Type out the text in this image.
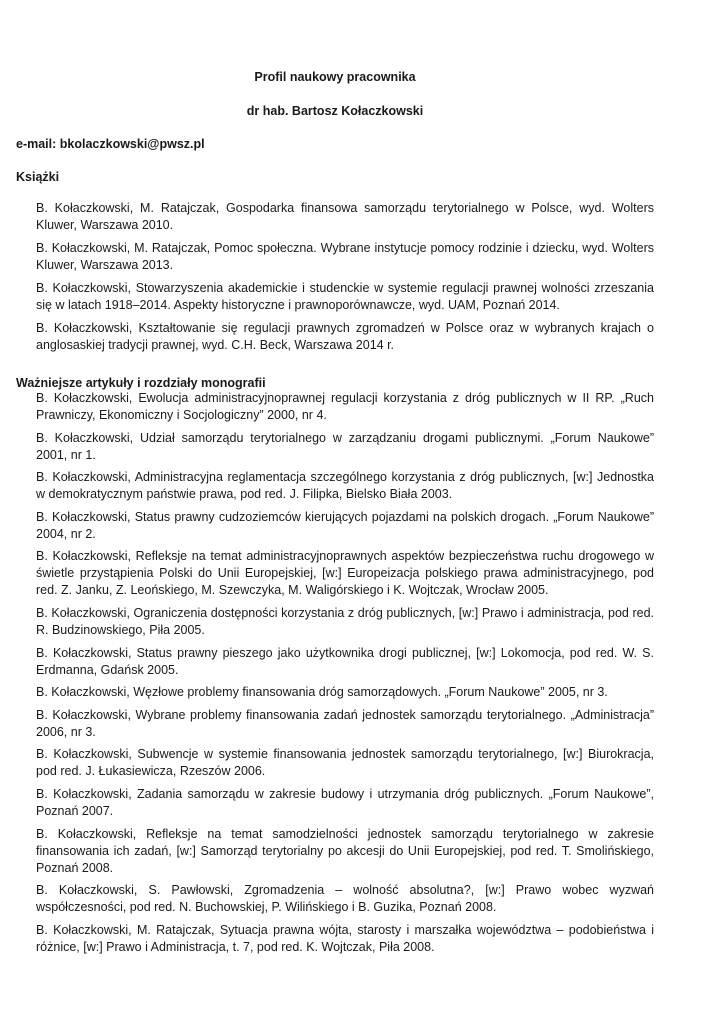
Profil naukowy pracownika

dr hab. Bartosz Kołaczkowski

e-mail: bkolaczkowski@pwsz.pl

Książki

B. Kołaczkowski, M. Ratajczak, Gospodarka finansowa samorządu terytorialnego w Polsce, wyd. Wolters Kluwer, Warszawa 2010.
B. Kołaczkowski, M. Ratajczak, Pomoc społeczna. Wybrane instytucje pomocy rodzinie i dziecku, wyd. Wolters Kluwer, Warszawa 2013.
B. Kołaczkowski, Stowarzyszenia akademickie i studenckie w systemie regulacji prawnej wolności zrzeszania się w latach 1918–2014. Aspekty historyczne i prawnoporównawcze, wyd. UAM, Poznań 2014.
B. Kołaczkowski, Kształtowanie się regulacji prawnych zgromadzeń w Polsce oraz w wybranych krajach o anglosaskiej tradycji prawnej, wyd. C.H. Beck, Warszawa 2014 r.

Ważniejsze artykuły i rozdziały monografii

B. Kołaczkowski, Ewolucja administracyjnoprawnej regulacji korzystania z dróg publicznych w II RP. „Ruch Prawniczy, Ekonomiczny i Socjologiczny” 2000, nr 4.
B. Kołaczkowski, Udział samorządu terytorialnego w zarządzaniu drogami publicznymi. „Forum Naukowe” 2001, nr 1.
B. Kołaczkowski, Administracyjna reglamentacja szczególnego korzystania z dróg publicznych, [w:] Jednostka w demokratycznym państwie prawa, pod red. J. Filipka, Bielsko Biała 2003.
B. Kołaczkowski, Status prawny cudzoziemców kierujących pojazdami na polskich drogach. „Forum Naukowe” 2004, nr 2.
B. Kołaczkowski, Refleksje na temat administracyjnoprawnych aspektów bezpieczeństwa ruchu drogowego w świetle przystąpienia Polski do Unii Europejskiej, [w:] Europeizacja polskiego prawa administracyjnego, pod red. Z. Janku, Z. Leońskiego, M. Szewczyka, M. Waligórskiego i K. Wojtczak, Wrocław 2005.
B. Kołaczkowski, Ograniczenia dostępności korzystania z dróg publicznych, [w:] Prawo i administracja, pod red. R. Budzinowskiego, Piła 2005.
B. Kołaczkowski, Status prawny pieszego jako użytkownika drogi publicznej, [w:] Lokomocja, pod red. W. S. Erdmanna, Gdańsk 2005.
B. Kołaczkowski, Węzłowe problemy finansowania dróg samorządowych. „Forum Naukowe” 2005, nr 3.
B. Kołaczkowski, Wybrane problemy finansowania zadań jednostek samorządu terytorialnego. „Administracja” 2006, nr 3.
B. Kołaczkowski, Subwencje w systemie finansowania jednostek samorządu terytorialnego, [w:] Biurokracja, pod red. J. Łukasiewicza, Rzeszów 2006.
B. Kołaczkowski, Zadania samorządu w zakresie budowy i utrzymania dróg publicznych. „Forum Naukowe”, Poznań 2007.
B. Kołaczkowski, Refleksje na temat samodzielności jednostek samorządu terytorialnego w zakresie finansowania ich zadań, [w:] Samorząd terytorialny po akcesji do Unii Europejskiej, pod red. T. Smolińskiego, Poznań 2008.
B. Kołaczkowski, S. Pawłowski, Zgromadzenia – wolność absolutna?, [w:] Prawo wobec wyzwań współczesności, pod red. N. Buchowskiej, P. Wilińskiego i B. Guzika, Poznań 2008.
B. Kołaczkowski, M. Ratajczak, Sytuacja prawna wójta, starosty i marszałka województwa – podobieństwa i różnice, [w:] Prawo i Administracja, t. 7, pod red. K. Wojtczak, Piła 2008.
